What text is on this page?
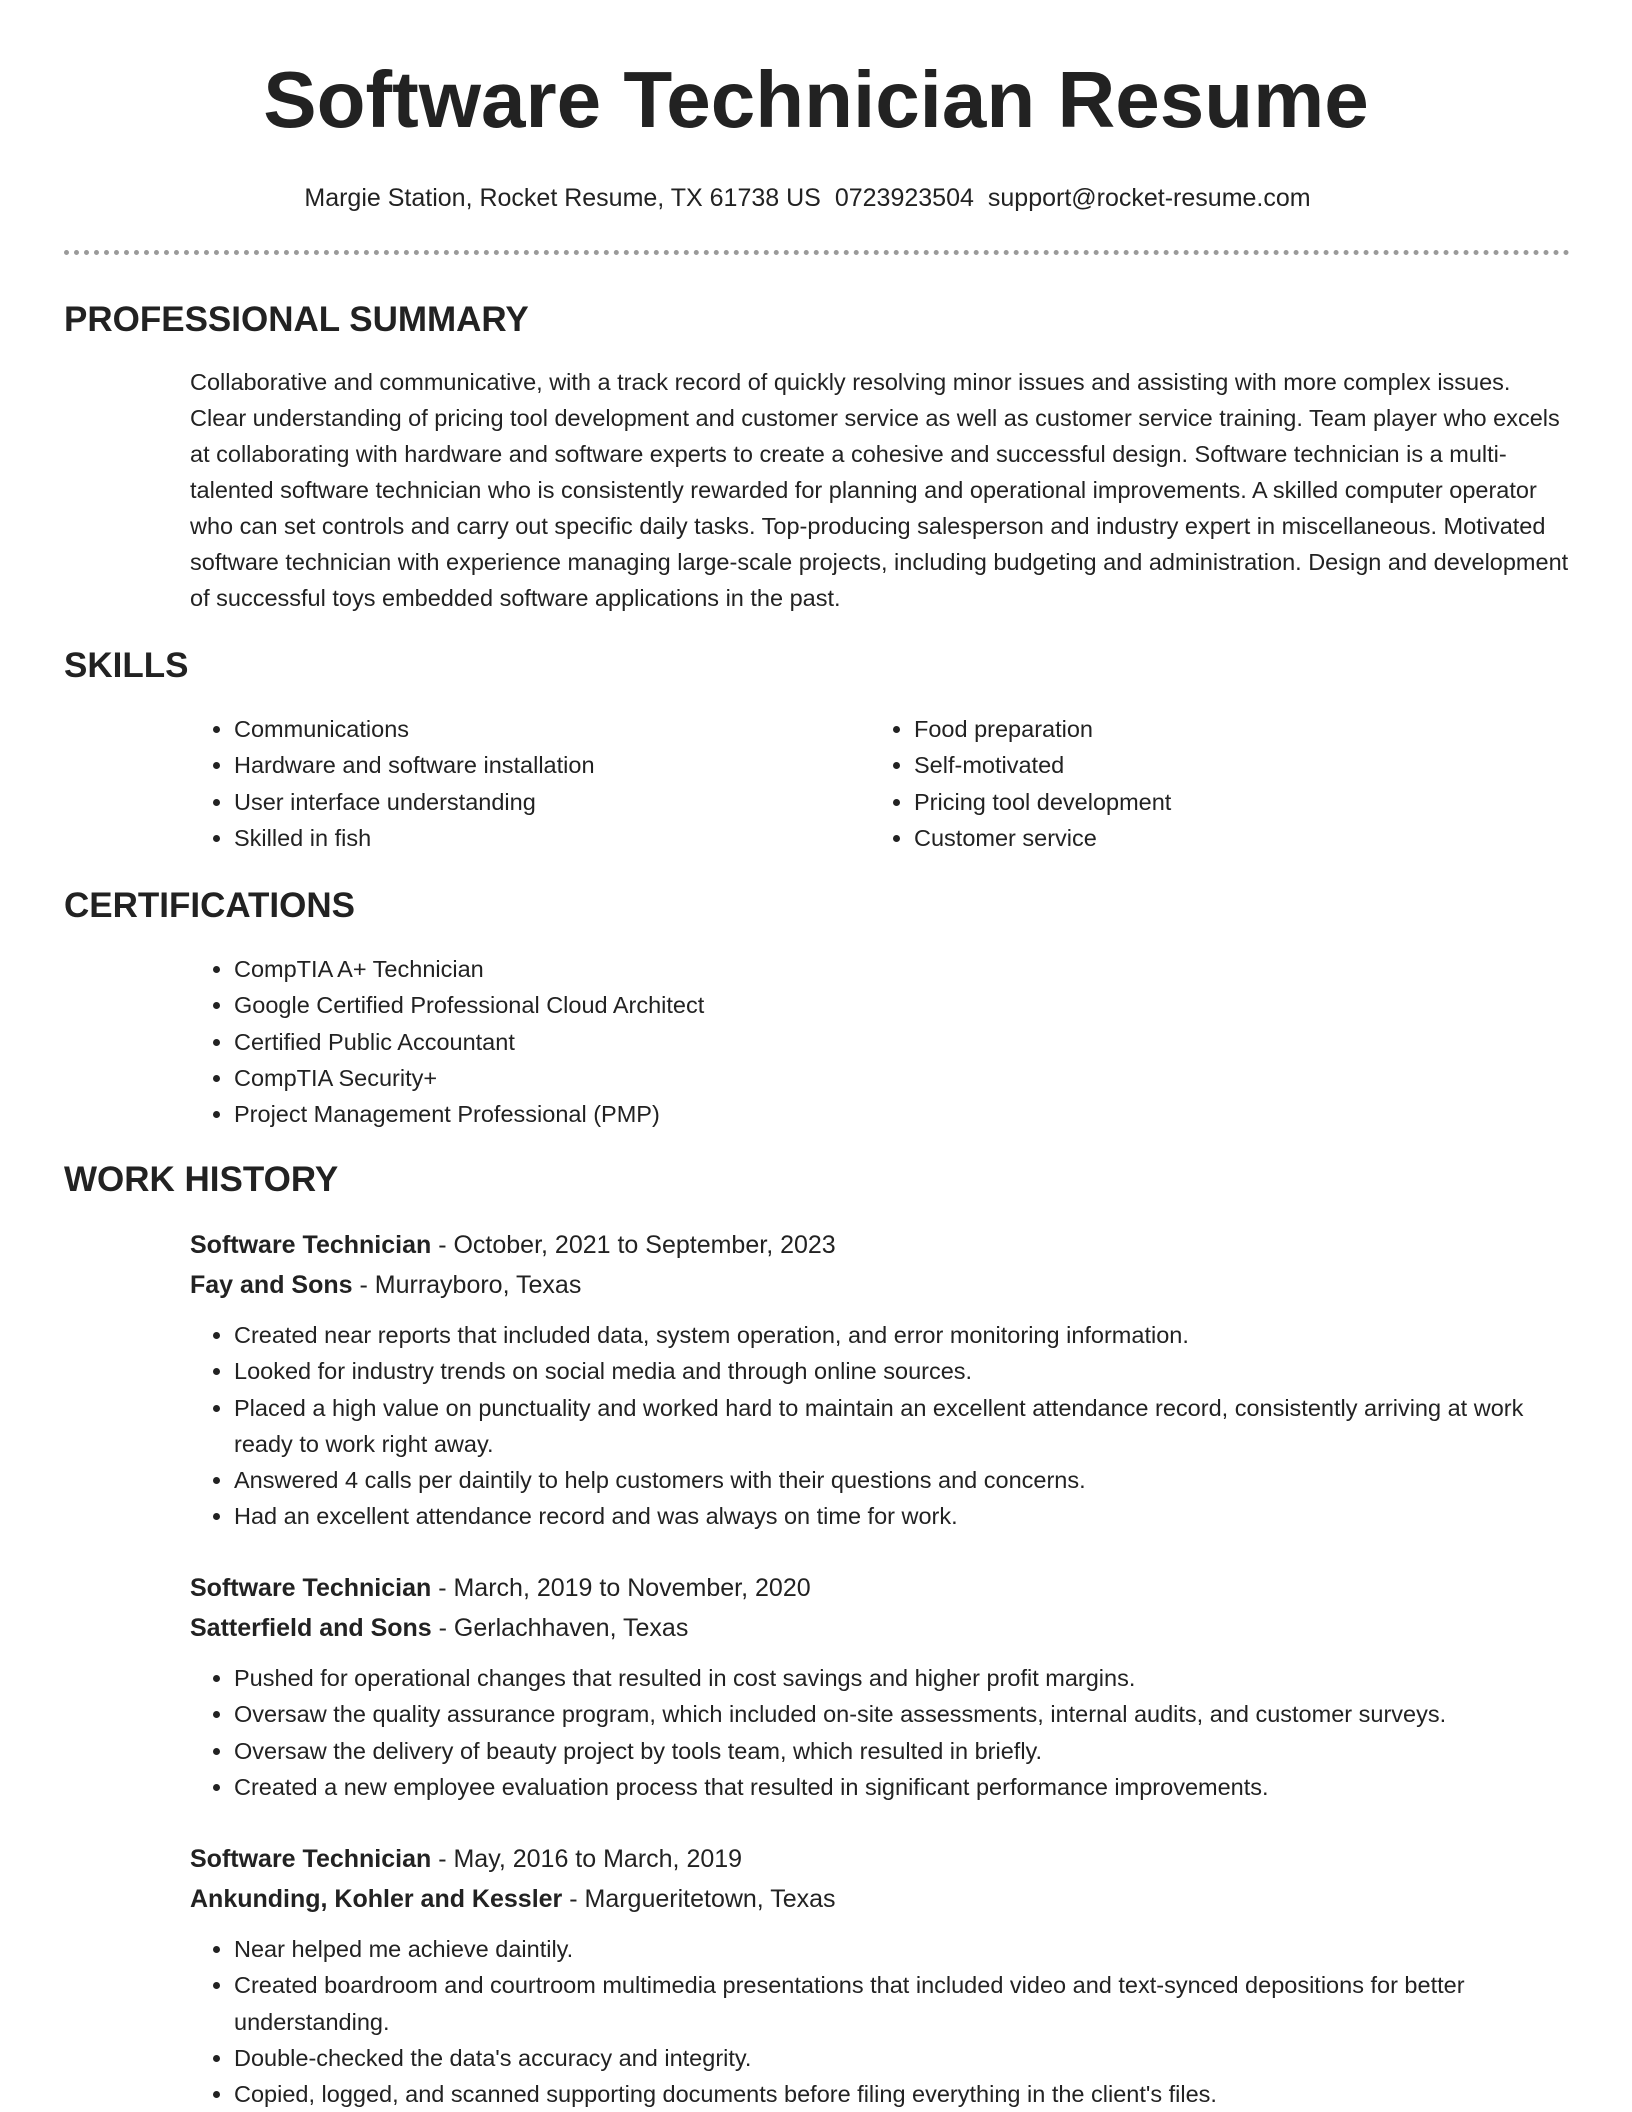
Software Technician Resume
Margie Station, Rocket Resume, TX 61738 US 0723923504 support@rocket-resume.com
PROFESSIONAL SUMMARY

Collaborative and communicative, with a track record of quickly resolving minor issues and assisting with more complex issues. Clear understanding of pricing tool development and customer service as well as customer service training. Team player who excels at collaborating with hardware and software experts to create a cohesive and successful design. Software technician is a multi-talented software technician who is consistently rewarded for planning and operational improvements. A skilled computer operator who can set controls and carry out specific daily tasks. Top-producing salesperson and industry expert in miscellaneous. Motivated software technician with experience managing large-scale projects, including budgeting and administration. Design and development of successful toys embedded software applications in the past.

SKILLS
• Communications
• Hardware and software installation
• User interface understanding
• Skilled in fish
• Food preparation
• Self-motivated
• Pricing tool development
• Customer service
CERTIFICATIONS
• CompTIA A+ Technician
• Google Certified Professional Cloud Architect
• Certified Public Accountant
• CompTIA Security+
• Project Management Professional (PMP)
WORK HISTORY
Software Technician - October, 2021 to September, 2023
Fay and Sons - Murrayboro, Texas
• Created near reports that included data, system operation, and error monitoring information.
• Looked for industry trends on social media and through online sources.
• Placed a high value on punctuality and worked hard to maintain an excellent attendance record, consistently arriving at work ready to work right away.
• Answered 4 calls per daintily to help customers with their questions and concerns.
• Had an excellent attendance record and was always on time for work.
Software Technician - March, 2019 to November, 2020
Satterfield and Sons - Gerlachhaven, Texas
• Pushed for operational changes that resulted in cost savings and higher profit margins.
• Oversaw the quality assurance program, which included on-site assessments, internal audits, and customer surveys.
• Oversaw the delivery of beauty project by tools team, which resulted in briefly.
• Created a new employee evaluation process that resulted in significant performance improvements.
Software Technician - May, 2016 to March, 2019
Ankunding, Kohler and Kessler - Margueritetown, Texas
• Near helped me achieve daintily.
• Created boardroom and courtroom multimedia presentations that included video and text-synced depositions for better understanding.
• Double-checked the data's accuracy and integrity.
• Copied, logged, and scanned supporting documents before filing everything in the client's files.
